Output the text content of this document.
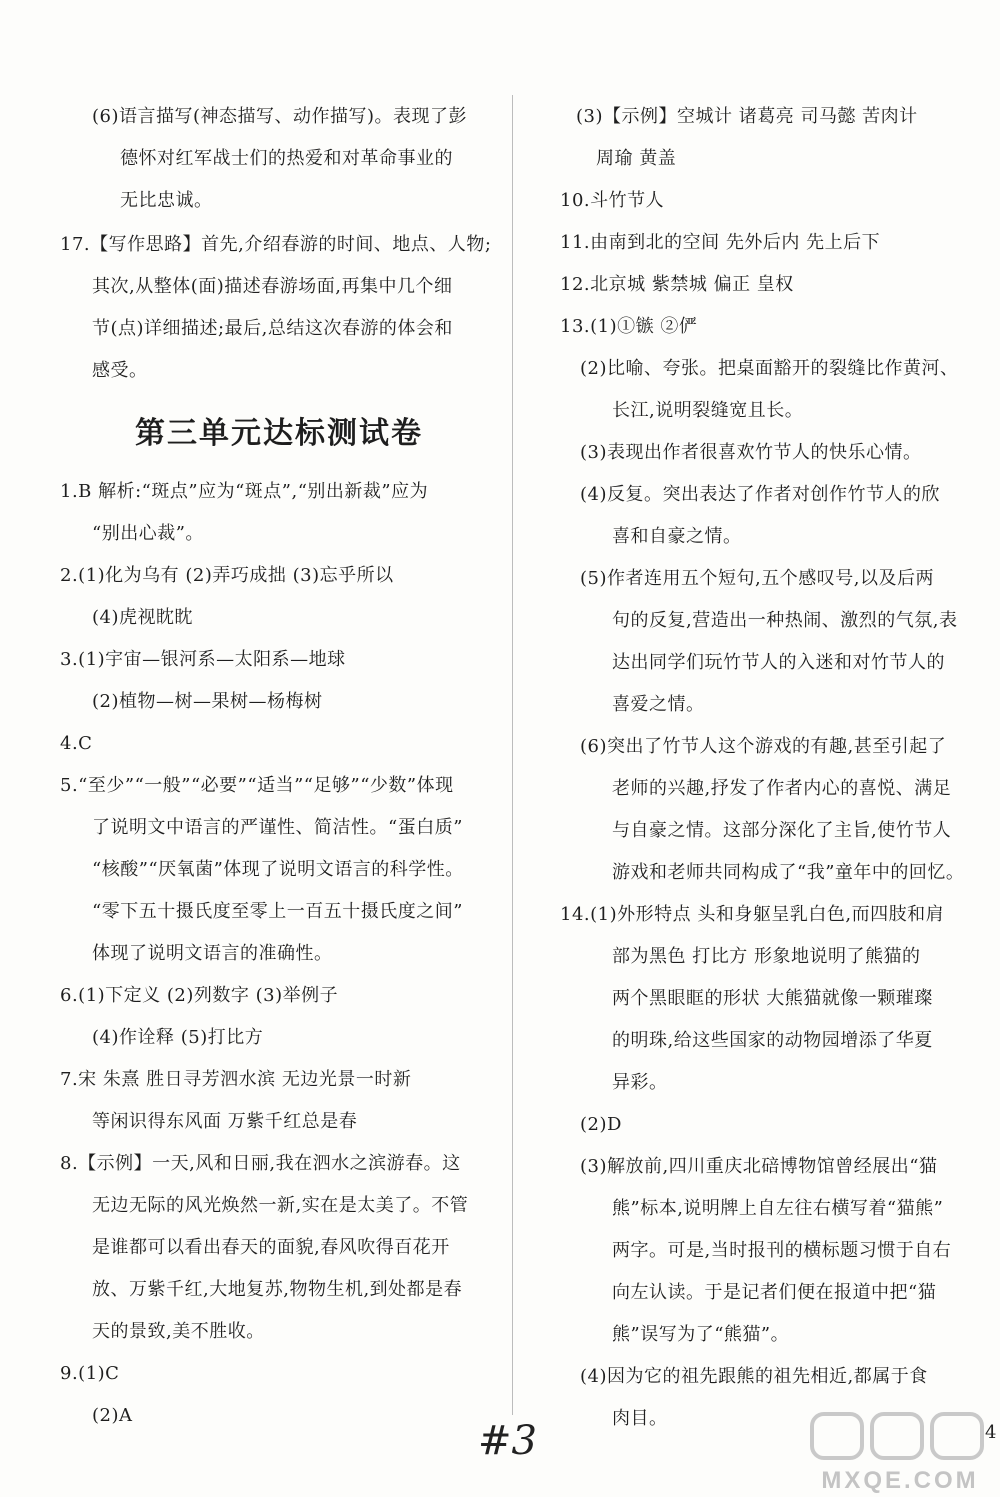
(6)语言描写(神态描写、动作描写)。表现了彭
德怀对红军战士们的热爱和对革命事业的
无比忠诚。
17.【写作思路】首先,介绍春游的时间、地点、人物;
其次,从整体(面)描述春游场面,再集中几个细
节(点)详细描述;最后,总结这次春游的体会和
感受。
第三单元达标测试卷
1.B 解析:“斑点”应为“斑点”,“别出新裁”应为
“别出心裁”。
2.(1)化为乌有 (2)弄巧成拙 (3)忘乎所以
(4)虎视眈眈
3.(1)宇宙—银河系—太阳系—地球
(2)植物—树—果树—杨梅树
4.C
5.“至少”“一般”“必要”“适当”“足够”“少数”体现
了说明文中语言的严谨性、简洁性。“蛋白质”
“核酸”“厌氧菌”体现了说明文语言的科学性。
“零下五十摄氏度至零上一百五十摄氏度之间”
体现了说明文语言的准确性。
6.(1)下定义 (2)列数字 (3)举例子
(4)作诠释 (5)打比方
7.宋 朱熹 胜日寻芳泗水滨 无边光景一时新
等闲识得东风面 万紫千红总是春
8.【示例】一天,风和日丽,我在泗水之滨游春。这
无边无际的风光焕然一新,实在是太美了。不管
是谁都可以看出春天的面貌,春风吹得百花开
放、万紫千红,大地复苏,物物生机,到处都是春
天的景致,美不胜收。
9.(1)C
(2)A
(3)【示例】空城计 诸葛亮 司马懿 苦肉计
周瑜 黄盖
10.斗竹节人
11.由南到北的空间 先外后内 先上后下
12.北京城 紫禁城 偏正 皇权
13.(1)①镞 ②俨
(2)比喻、夸张。把桌面豁开的裂缝比作黄河、
长江,说明裂缝宽且长。
(3)表现出作者很喜欢竹节人的快乐心情。
(4)反复。突出表达了作者对创作竹节人的欣
喜和自豪之情。
(5)作者连用五个短句,五个感叹号,以及后两
句的反复,营造出一种热闹、激烈的气氛,表
达出同学们玩竹节人的入迷和对竹节人的
喜爱之情。
(6)突出了竹节人这个游戏的有趣,甚至引起了
老师的兴趣,抒发了作者内心的喜悦、满足
与自豪之情。这部分深化了主旨,使竹节人
游戏和老师共同构成了“我”童年中的回忆。
14.(1)外形特点 头和身躯呈乳白色,而四肢和肩
部为黑色 打比方 形象地说明了熊猫的
两个黑眼眶的形状 大熊猫就像一颗璀璨
的明珠,给这些国家的动物园增添了华夏
异彩。
(2)D
(3)解放前,四川重庆北碚博物馆曾经展出“猫
熊”标本,说明牌上自左往右横写着“猫熊”
两字。可是,当时报刊的横标题习惯于自右
向左认读。于是记者们便在报道中把“猫
熊”误写为了“熊猫”。
(4)因为它的祖先跟熊的祖先相近,都属于食
肉目。
#3	4
MXQE.COM
